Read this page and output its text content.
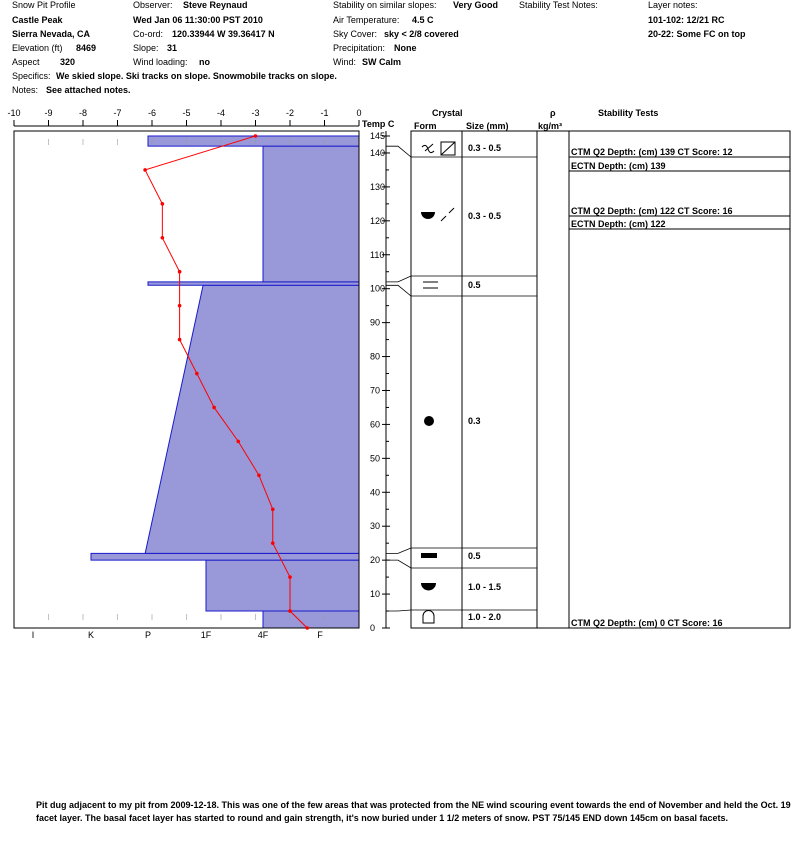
Snow Pit Profile
Castle Peak
Sierra Nevada, CA
Elevation (ft) 8469
Aspect 320
Observer: Steve Reynaud
Wed Jan 06 11:30:00 PST 2010
Co-ord: 120.33944 W 39.36417 N
Slope: 31
Wind loading: no
Stability on similar slopes: Very Good
Air Temperature: 4.5 C
Sky Cover: sky < 2/8 covered
Precipitation: None
Wind: SW Calm
Stability Test Notes:	Layer notes:
101-102: 12/21 RC
20-22: Some FC on top
Specifics: We skied slope. Ski tracks on slope. Snowmobile tracks on slope.
Notes: See attached notes.
Temp C
Crystal
Form	Size (mm)
ρ
kg/m³
Stability Tests
-10	-9	-8	-7	-6	-5	-4	-3	-2	-1	0
0
10
20
30
40
50
60
70
80
90
100
110
120
130
140
145
I	K	P	1F	4F	F
0.3 - 0.5
0.3 - 0.5
0.5
0.3
0.5
1.0 - 1.5
1.0 - 2.0
CTM Q2 Depth: (cm) 139 CT Score: 12
ECTN Depth: (cm) 139
CTM Q2 Depth: (cm) 122 CT Score: 16
ECTN Depth: (cm) 122
CTM Q2 Depth: (cm) 0 CT Score: 16
Pit dug adjacent to my pit from 2009-12-18. This was one of the few areas that was protected from the NE wind scouring event towards the end of November and held the Oct. 19 facet layer. The basal facet layer has started to round and gain strength, it's now buried under 1 1/2 meters of snow. PST 75/145 END down 145cm on basal facets.
